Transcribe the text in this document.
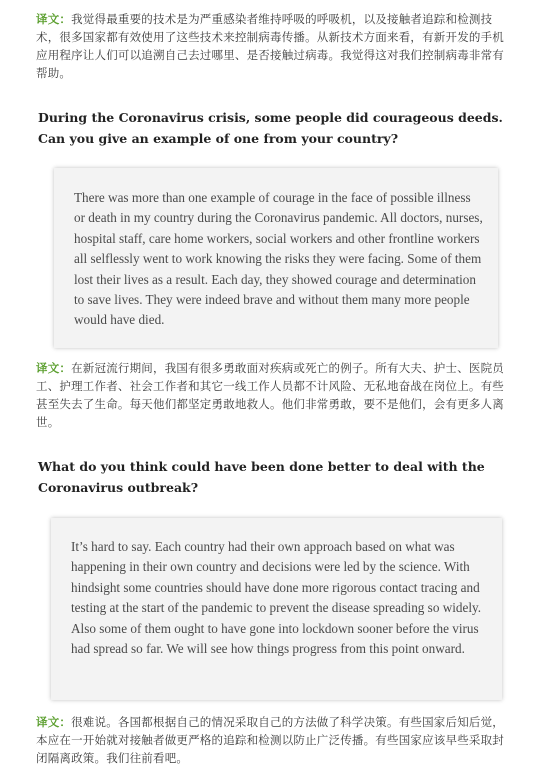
译文：我觉得最重要的技术是为严重感染者维持呼吸的呼吸机，以及接触者追踪和检测技术，很多国家都有效使用了这些技术来控制病毒传播。从新技术方面来看，有新开发的手机应用程序让人们可以追溯自己去过哪里、是否接触过病毒。我觉得这对我们控制病毒非常有帮助。
During the Coronavirus crisis, some people did courageous deeds. Can you give an example of one from your country?
There was more than one example of courage in the face of possible illness or death in my country during the Coronavirus pandemic. All doctors, nurses, hospital staff, care home workers, social workers and other frontline workers all selflessly went to work knowing the risks they were facing. Some of them lost their lives as a result. Each day, they showed courage and determination to save lives. They were indeed brave and without them many more people would have died.
译文：在新冠流行期间，我国有很多勇敢面对疾病或死亡的例子。所有大夫、护士、医院员工、护理工作者、社会工作者和其它一线工作人员都不计风险、无私地奋战在岗位上。有些甚至失去了生命。每天他们都坚定勇敢地救人。他们非常勇敢，要不是他们，会有更多人离世。
What do you think could have been done better to deal with the Coronavirus outbreak?
It’s hard to say. Each country had their own approach based on what was happening in their own country and decisions were led by the science. With hindsight some countries should have done more rigorous contact tracing and testing at the start of the pandemic to prevent the disease spreading so widely. Also some of them ought to have gone into lockdown sooner before the virus had spread so far. We will see how things progress from this point onward.
译文：很难说。各国都根据自己的情况采取自己的方法做了科学决策。有些国家后知后觉，本应在一开始就对接触者做更严格的追踪和检测以防止广泛传播。有些国家应该早些采取封闭隔离政策。我们往前看吧。
